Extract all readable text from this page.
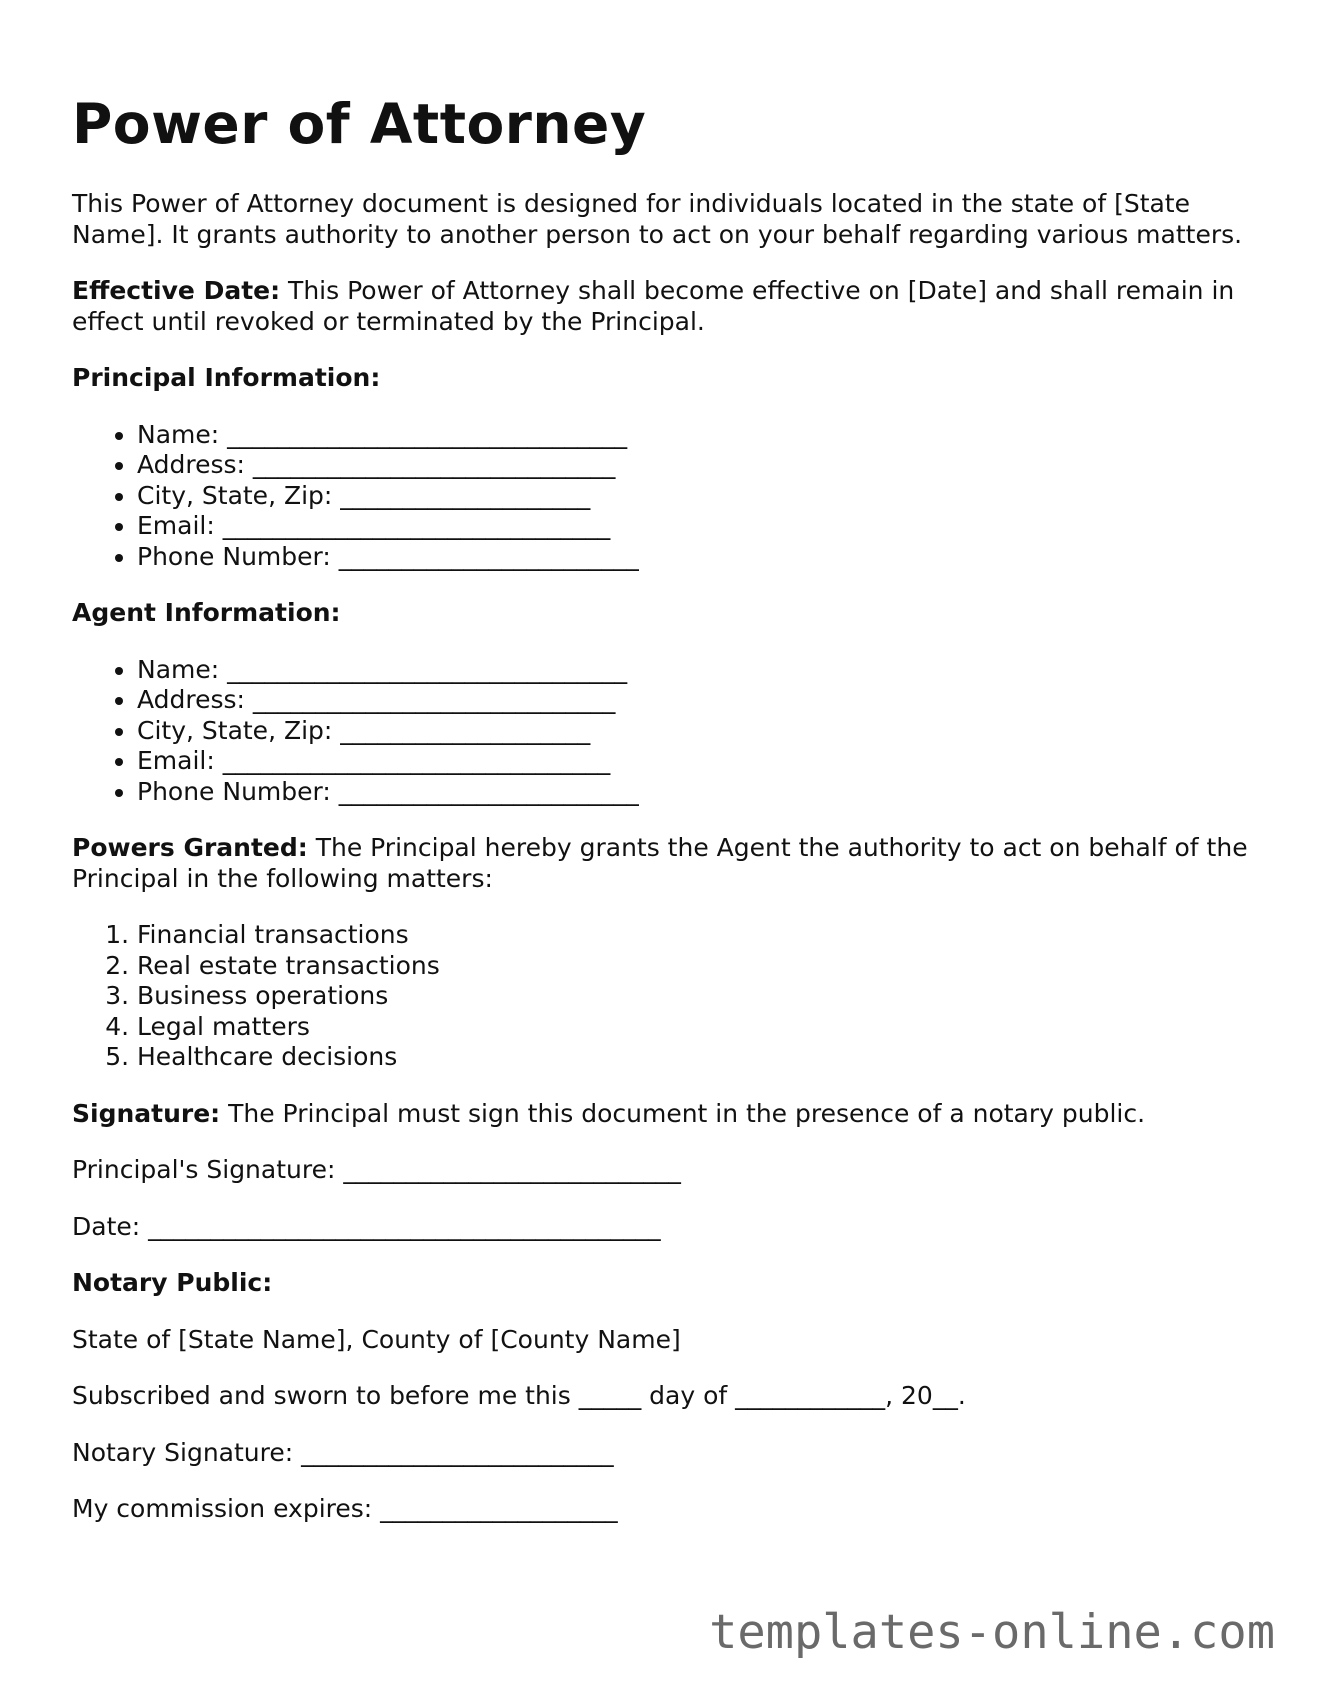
Power of Attorney

This Power of Attorney document is designed for individuals located in the state of [State Name]. It grants authority to another person to act on your behalf regarding various matters.

Effective Date: This Power of Attorney shall become effective on [Date] and shall remain in effect until revoked or terminated by the Principal.

Principal Information:

• Name: ________________________________
• Address: _____________________________
• City, State, Zip: ____________________
• Email: _______________________________
• Phone Number: ________________________

Agent Information:

• Name: ________________________________
• Address: _____________________________
• City, State, Zip: ____________________
• Email: _______________________________
• Phone Number: ________________________

Powers Granted: The Principal hereby grants the Agent the authority to act on behalf of the Principal in the following matters:

1. Financial transactions
2. Real estate transactions
3. Business operations
4. Legal matters
5. Healthcare decisions

Signature: The Principal must sign this document in the presence of a notary public.

Principal's Signature: ___________________________

Date: _________________________________________

Notary Public:

State of [State Name], County of [County Name]

Subscribed and sworn to before me this _____ day of ____________, 20__.

Notary Signature: _________________________

My commission expires: ___________________

templates-online.com
